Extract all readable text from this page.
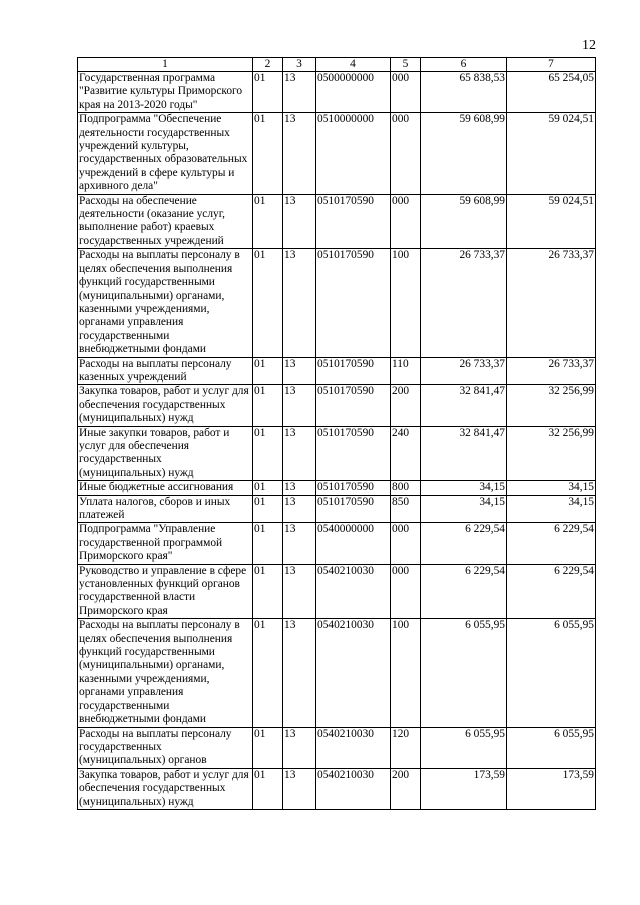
12
1	2	3	4	5	6	7
Государственная программа "Развитие культуры Приморского края на 2013-2020 годы"	01	13	0500000000	000	65 838,53	65 254,05
Подпрограмма "Обеспечение деятельности государственных учреждений культуры, государственных образовательных учреждений в сфере культуры и архивного дела"	01	13	0510000000	000	59 608,99	59 024,51
Расходы на обеспечение деятельности (оказание услуг, выполнение работ) краевых государственных учреждений	01	13	0510170590	000	59 608,99	59 024,51
Расходы на выплаты персоналу в целях обеспечения выполнения функций государственными (муниципальными) органами, казенными учреждениями, органами управления государственными внебюджетными фондами	01	13	0510170590	100	26 733,37	26 733,37
Расходы на выплаты персоналу казенных учреждений	01	13	0510170590	110	26 733,37	26 733,37
Закупка товаров, работ и услуг для обеспечения государственных (муниципальных) нужд	01	13	0510170590	200	32 841,47	32 256,99
Иные закупки товаров, работ и услуг для обеспечения государственных (муниципальных) нужд	01	13	0510170590	240	32 841,47	32 256,99
Иные бюджетные ассигнования	01	13	0510170590	800	34,15	34,15
Уплата налогов, сборов и иных платежей	01	13	0510170590	850	34,15	34,15
Подпрограмма "Управление государственной программой Приморского края"	01	13	0540000000	000	6 229,54	6 229,54
Руководство и управление в сфере установленных функций органов государственной власти Приморского края	01	13	0540210030	000	6 229,54	6 229,54
Расходы на выплаты персоналу в целях обеспечения выполнения функций государственными (муниципальными) органами, казенными учреждениями, органами управления государственными внебюджетными фондами	01	13	0540210030	100	6 055,95	6 055,95
Расходы на выплаты персоналу государственных (муниципальных) органов	01	13	0540210030	120	6 055,95	6 055,95
Закупка товаров, работ и услуг для обеспечения государственных (муниципальных) нужд	01	13	0540210030	200	173,59	173,59
